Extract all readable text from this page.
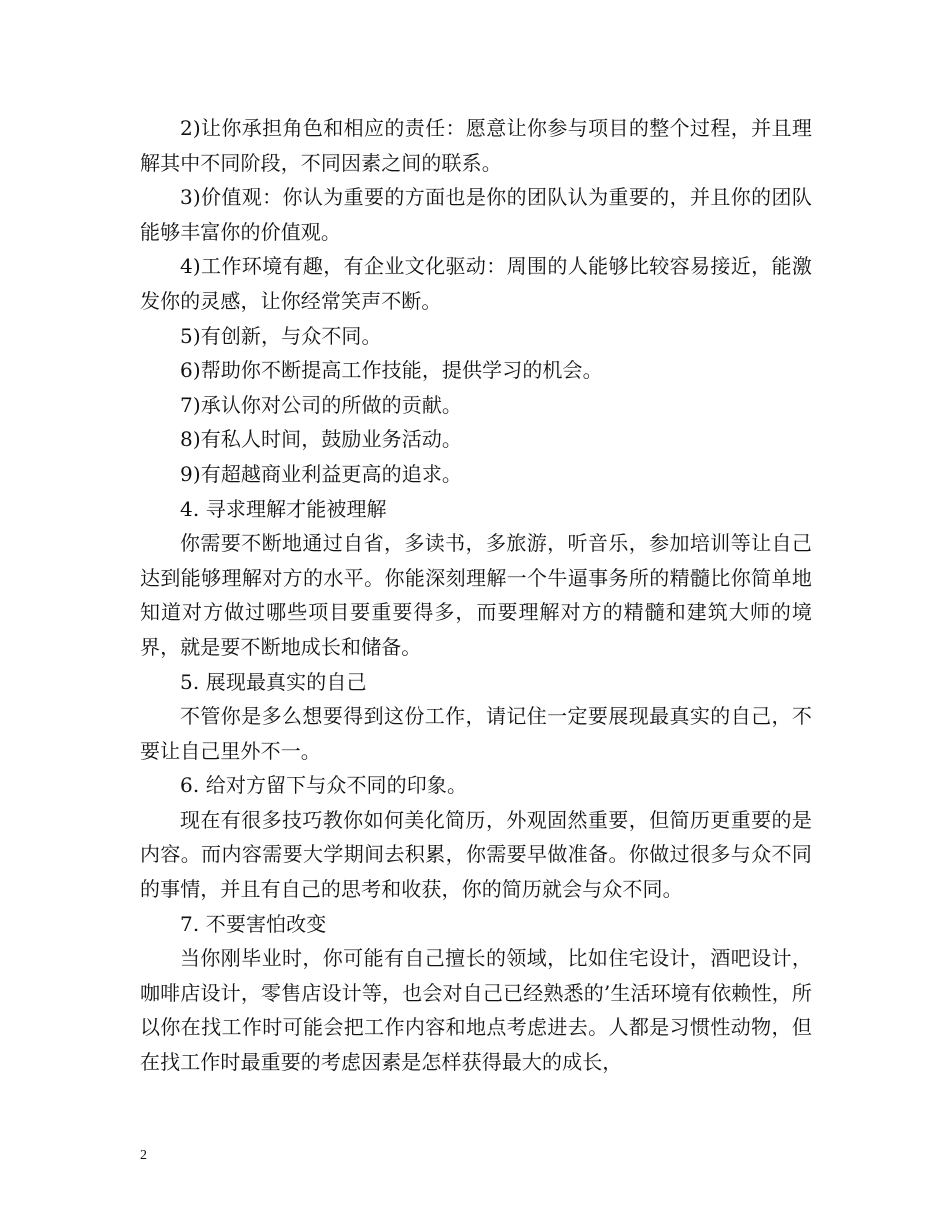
2)让你承担角色和相应的责任：愿意让你参与项目的整个过程，并且理解其中不同阶段，不同因素之间的联系。

3)价值观：你认为重要的方面也是你的团队认为重要的，并且你的团队能够丰富你的价值观。

4)工作环境有趣，有企业文化驱动：周围的人能够比较容易接近，能激发你的灵感，让你经常笑声不断。

5)有创新，与众不同。

6)帮助你不断提高工作技能，提供学习的机会。

7)承认你对公司的所做的贡献。

8)有私人时间，鼓励业务活动。

9)有超越商业利益更高的追求。

4. 寻求理解才能被理解

你需要不断地通过自省，多读书，多旅游，听音乐，参加培训等让自己达到能够理解对方的水平。你能深刻理解一个牛逼事务所的精髓比你简单地知道对方做过哪些项目要重要得多，而要理解对方的精髓和建筑大师的境界，就是要不断地成长和储备。

5. 展现最真实的自己

不管你是多么想要得到这份工作，请记住一定要展现最真实的自己，不要让自己里外不一。

6. 给对方留下与众不同的印象。

现在有很多技巧教你如何美化简历，外观固然重要，但简历更重要的是内容。而内容需要大学期间去积累，你需要早做准备。你做过很多与众不同的事情，并且有自己的思考和收获，你的简历就会与众不同。

7. 不要害怕改变

当你刚毕业时，你可能有自己擅长的领域，比如住宅设计，酒吧设计，咖啡店设计，零售店设计等，也会对自己已经熟悉的’生活环境有依赖性，所以你在找工作时可能会把工作内容和地点考虑进去。人都是习惯性动物，但在找工作时最重要的考虑因素是怎样获得最大的成长，

2
